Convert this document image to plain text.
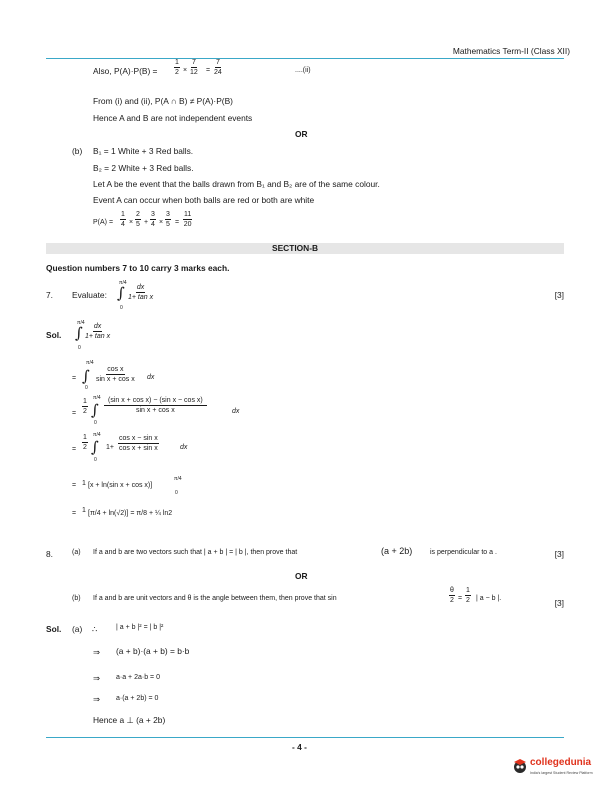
Mathematics Term-II (Class XII)
Also, $P(A)\cdot P(B) = \frac{1}{2} \times \frac{7}{12} = \frac{7}{24}$	....(ii)
From (i) and (ii), P(A ∩ B) ≠ P(A)·P(B)
Hence A and B are not independent events
OR
(b) B₁ = 1 White + 3 Red balls.
B₂ = 2 White + 3 Red balls.
Let A be the event that the balls drawn from B₁ and B₂ are of the same colour.
Event A can occur when both balls are red or both are white
$P(A) = \frac{1}{4} \times \frac{2}{5} + \frac{3}{4} \times \frac{3}{5} = \frac{11}{20}$
SECTION-B
Question numbers 7 to 10 carry 3 marks each.
7. Evaluate:
π/4
∫
0
$\frac{dx}{\text{1+ tan x}}$	[3]
Sol.
π/4
∫
0
$\frac{dx}{\text{1+ tan x}}$
=
π/4
∫
0
$\frac{\text{cos x}}{\text{sin x + cos x}}$ dx
= $\frac{1}{2} \pi/4$
∫
0
$\frac{\text{(sin x + cos x) − (sin x − cos x)}}{\text{sin x + cos x}}$	dx
= $\frac{1}{2} \pi/4$
∫
0
$1+ \frac{\text{cos x − sin x}}{\text{cos x + sin x}}$	dx
= 1 [x + ln(sin x + cos x)]
π/4
0
= 1 [π/4 + ln(√2)] = π/8 + ¼ ln2
8.	(a) If a and b are two vectors such that | a + b | = | b |, then prove that	(a + 2b)	is perpendicular to a .	[3]
OR
(b) If a and b are unit vectors and θ is the angle between them, then prove that sin	$\frac{\theta}{2} = \frac{1}{2}$ | a − b |.	[3]
Sol. (a) ∴	| a + b |² = | b |²
⇒ (a + b)·(a + b) = b·b
⇒ a·a + 2a·b = 0
⇒ a·(a + 2b) = 0
Hence a ⊥ (a + 2b)
- 4 -
collegedunia
India's largest Student Review Platform
